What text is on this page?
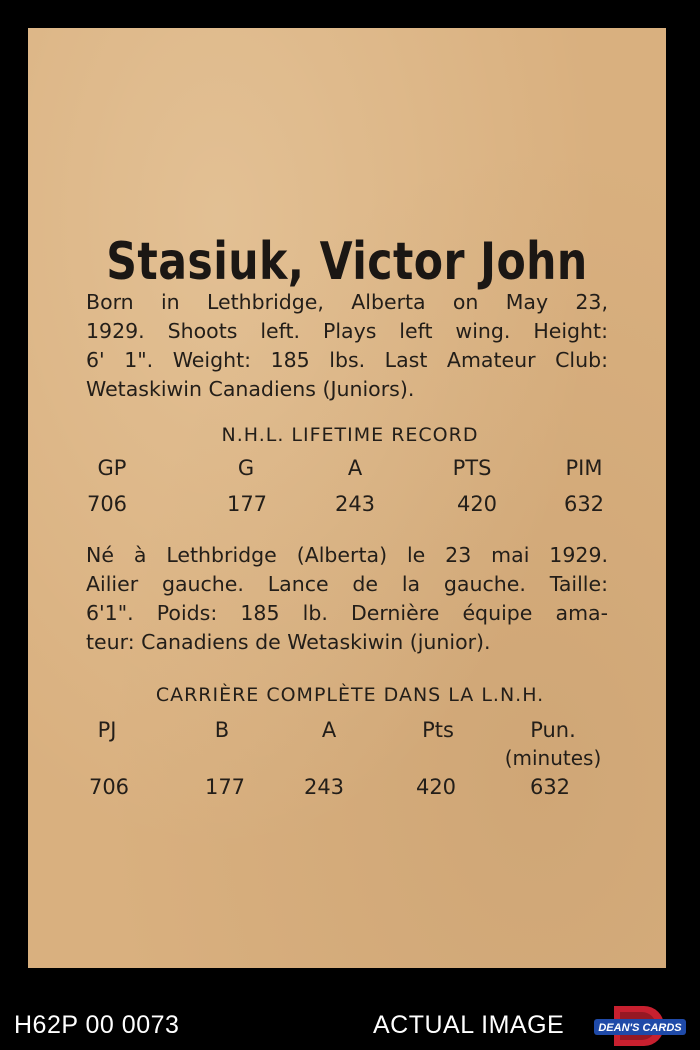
Stasiuk, Victor John

Born in Lethbridge, Alberta on May 23,
1929. Shoots left. Plays left wing. Height:
6' 1". Weight: 185 lbs. Last Amateur Club:
Wetaskiwin Canadiens (Juniors).

N.H.L. LIFETIME RECORD
GP	G	A	PTS	PIM
706	177	243	420	632

Né à Lethbridge (Alberta) le 23 mai 1929.
Ailier gauche. Lance de la gauche. Taille:
6'1". Poids: 185 lb. Dernière équipe ama-
teur: Canadiens de Wetaskiwin (junior).

CARRIÈRE COMPLÈTE DANS LA L.N.H.
PJ	B	A	Pts	Pun.
(minutes)
706	177	243	420	632
H62P 00 0073	ACTUAL IMAGE	DEAN'S CARDS
